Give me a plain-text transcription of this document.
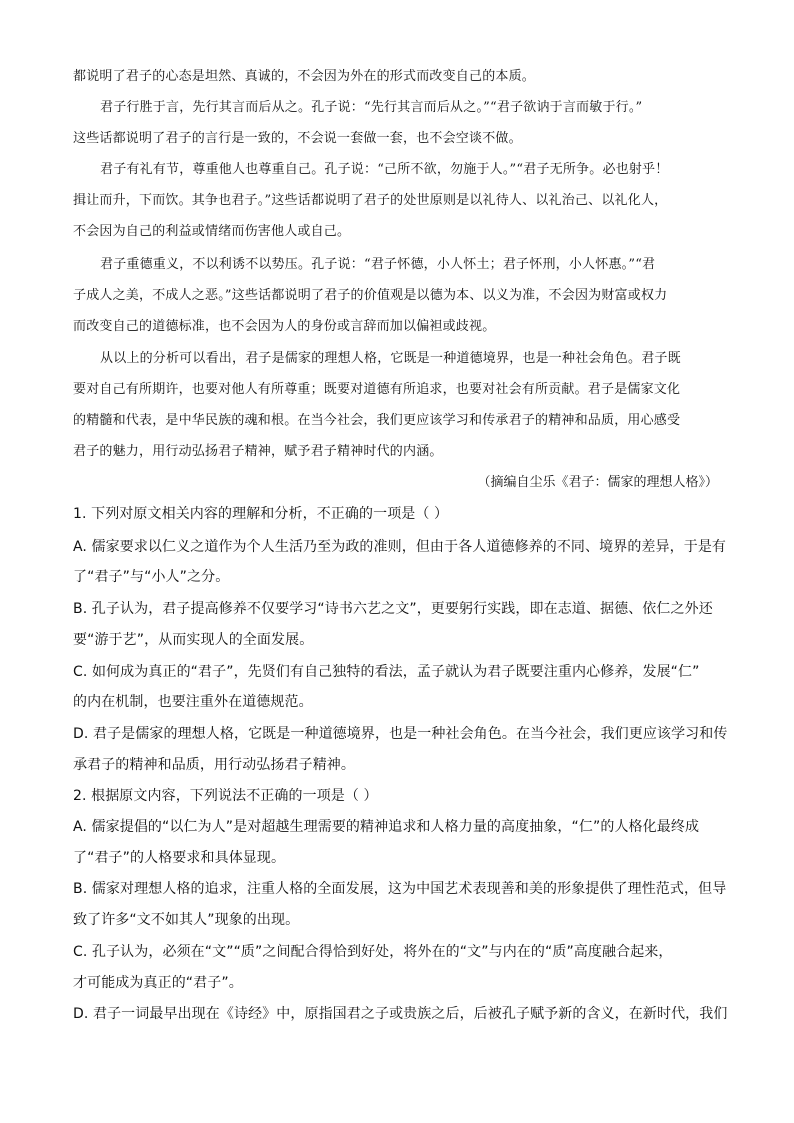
都说明了君子的心态是坦然、真诚的，不会因为外在的形式而改变自己的本质。
君子行胜于言，先行其言而后从之。孔子说：“先行其言而后从之。”“君子欲讷于言而敏于行。”
这些话都说明了君子的言行是一致的，不会说一套做一套，也不会空谈不做。
君子有礼有节，尊重他人也尊重自己。孔子说：“己所不欲，勿施于人。”“君子无所争。必也射乎！
揖让而升，下而饮。其争也君子。”这些话都说明了君子的处世原则是以礼待人、以礼治己、以礼化人，
不会因为自己的利益或情绪而伤害他人或自己。
君子重德重义，不以利诱不以势压。孔子说：“君子怀德，小人怀土；君子怀刑，小人怀惠。”“君
子成人之美，不成人之恶。”这些话都说明了君子的价值观是以德为本、以义为准，不会因为财富或权力
而改变自己的道德标准，也不会因为人的身份或言辞而加以偏袒或歧视。
从以上的分析可以看出，君子是儒家的理想人格，它既是一种道德境界，也是一种社会角色。君子既
要对自己有所期许，也要对他人有所尊重；既要对道德有所追求，也要对社会有所贡献。君子是儒家文化
的精髓和代表，是中华民族的魂和根。在当今社会，我们更应该学习和传承君子的精神和品质，用心感受
君子的魅力，用行动弘扬君子精神，赋予君子精神时代的内涵。
（摘编自尘乐《君子：儒家的理想人格》）
1. 下列对原文相关内容的理解和分析，不正确的一项是（ ）
A. 儒家要求以仁义之道作为个人生活乃至为政的准则，但由于各人道德修养的不同、境界的差异，于是有
了“君子”与“小人”之分。
B. 孔子认为，君子提高修养不仅要学习“诗书六艺之文”，更要躬行实践，即在志道、据德、依仁之外还
要“游于艺”，从而实现人的全面发展。
C. 如何成为真正的“君子”，先贤们有自己独特的看法，孟子就认为君子既要注重内心修养，发展“仁”
的内在机制，也要注重外在道德规范。
D. 君子是儒家的理想人格，它既是一种道德境界，也是一种社会角色。在当今社会，我们更应该学习和传
承君子的精神和品质，用行动弘扬君子精神。
2. 根据原文内容，下列说法不正确的一项是（ ）
A. 儒家提倡的“以仁为人”是对超越生理需要的精神追求和人格力量的高度抽象，“仁”的人格化最终成
了“君子”的人格要求和具体显现。
B. 儒家对理想人格的追求，注重人格的全面发展，这为中国艺术表现善和美的形象提供了理性范式，但导
致了许多“文不如其人”现象的出现。
C. 孔子认为，必须在“文”“质”之间配合得恰到好处，将外在的“文”与内在的“质”高度融合起来，
才可能成为真正的“君子”。
D. 君子一词最早出现在《诗经》中，原指国君之子或贵族之后，后被孔子赋予新的含义，在新时代，我们
